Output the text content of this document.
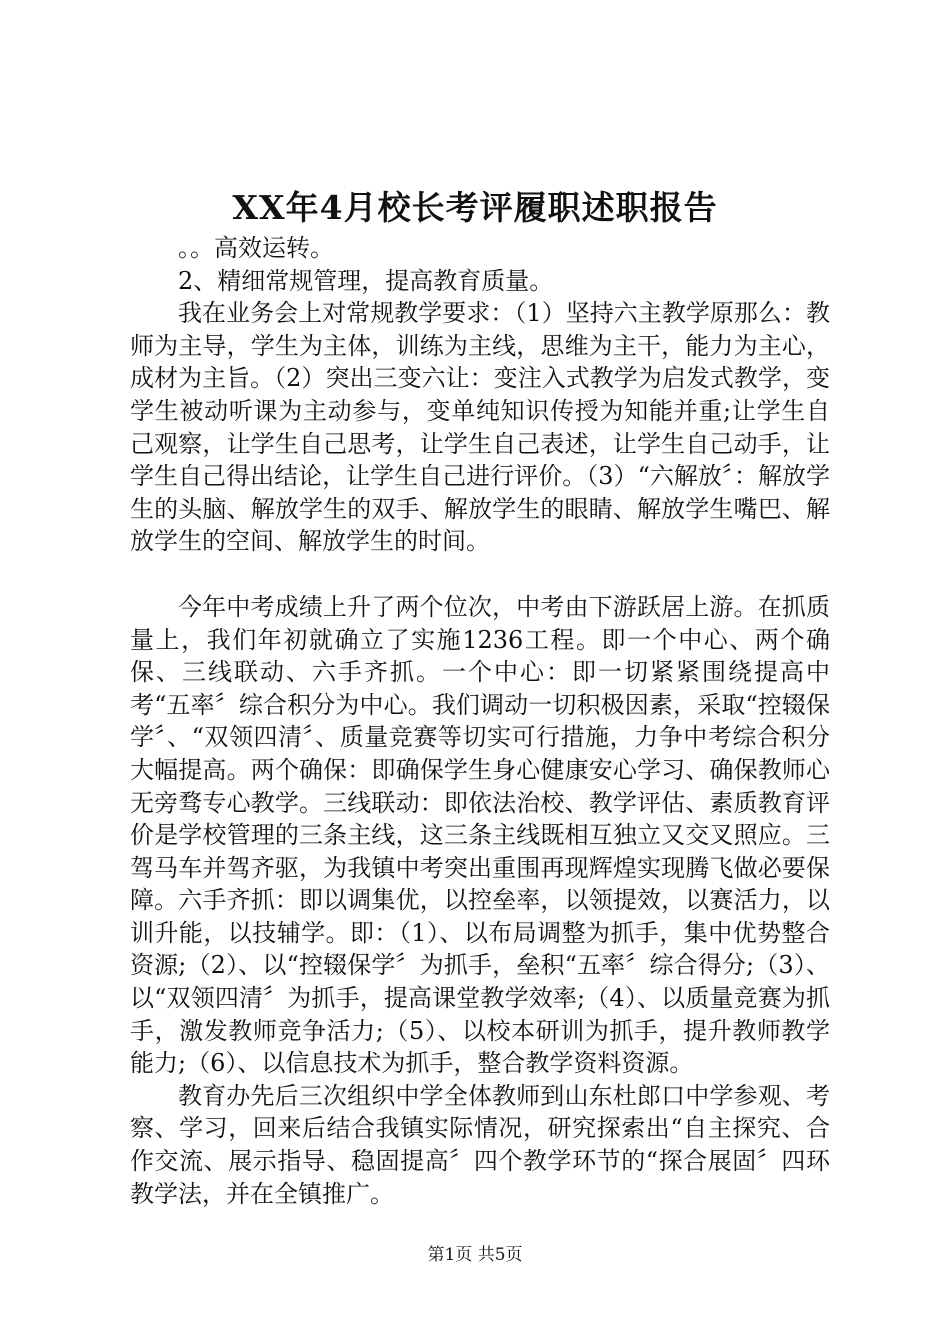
XX年4月校长考评履职述职报告

。。高效运转。

2、精细常规管理，提高教育质量。

我在业务会上对常规教学要求：（1）坚持六主教学原那么：教师为主导，学生为主体，训练为主线，思维为主干，能力为主心，成材为主旨。（2）突出三变六让：变注入式教学为启发式教学，变学生被动听课为主动参与，变单纯知识传授为知能并重;让学生自己观察，让学生自己思考，让学生自己表述，让学生自己动手，让学生自己得出结论，让学生自己进行评价。（3）“六解放〞：解放学生的头脑、解放学生的双手、解放学生的眼睛、解放学生嘴巴、解放学生的空间、解放学生的时间。

今年中考成绩上升了两个位次，中考由下游跃居上游。在抓质量上，我们年初就确立了实施1236工程。即一个中心、两个确保、三线联动、六手齐抓。一个中心：即一切紧紧围绕提高中考“五率〞综合积分为中心。我们调动一切积极因素，采取“控辍保学〞、“双领四清〞、质量竞赛等切实可行措施，力争中考综合积分大幅提高。两个确保：即确保学生身心健康安心学习、确保教师心无旁骛专心教学。三线联动：即依法治校、教学评估、素质教育评价是学校管理的三条主线，这三条主线既相互独立又交叉照应。三驾马车并驾齐驱，为我镇中考突出重围再现辉煌实现腾飞做必要保障。六手齐抓：即以调集优，以控垒率，以领提效，以赛活力，以训升能，以技辅学。即：（1）、以布局调整为抓手，集中优势整合资源;（2）、以“控辍保学〞为抓手，垒积“五率〞综合得分;（3）、以“双领四清〞为抓手，提高课堂教学效率;（4）、以质量竞赛为抓手，激发教师竞争活力;（5）、以校本研训为抓手，提升教师教学能力;（6）、以信息技术为抓手，整合教学资料资源。

教育办先后三次组织中学全体教师到山东杜郎口中学参观、考察、学习，回来后结合我镇实际情况，研究探索出“自主探究、合作交流、展示指导、稳固提高〞四个教学环节的“探合展固〞四环教学法，并在全镇推广。

第1页 共5页
